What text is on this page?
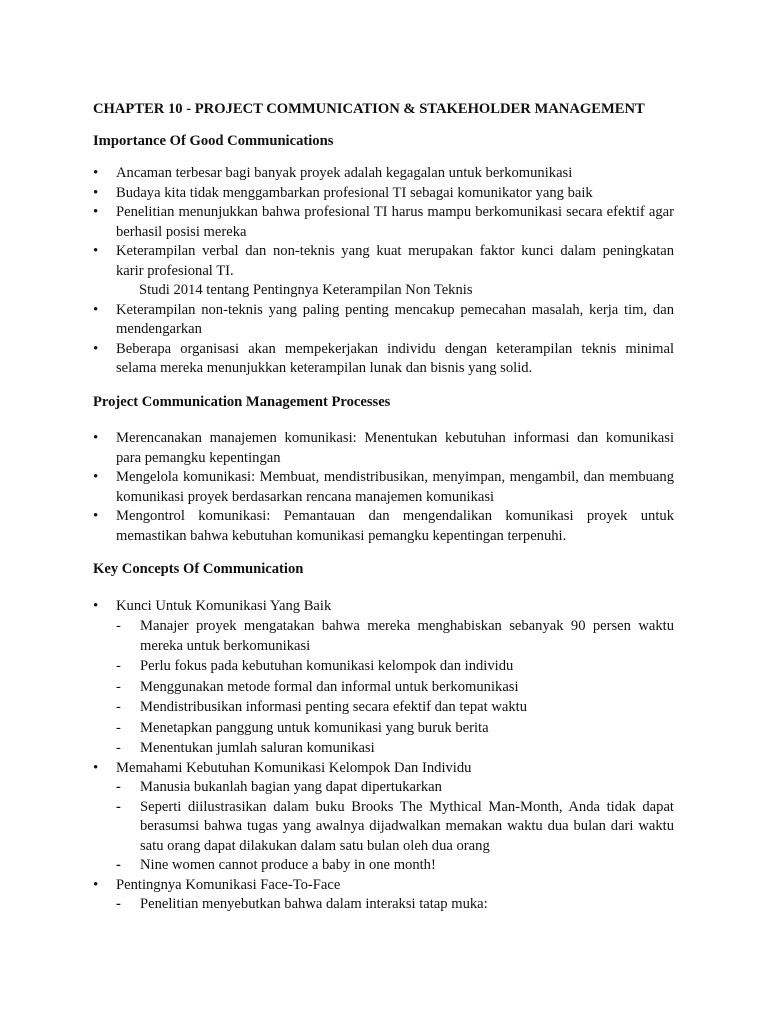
CHAPTER 10 - PROJECT COMMUNICATION & STAKEHOLDER MANAGEMENT
Importance Of Good Communications
• Ancaman terbesar bagi banyak proyek adalah kegagalan untuk berkomunikasi
• Budaya kita tidak menggambarkan profesional TI sebagai komunikator yang baik
• Penelitian menunjukkan bahwa profesional TI harus mampu berkomunikasi secara efektif agar berhasil posisi mereka
• Keterampilan verbal dan non-teknis yang kuat merupakan faktor kunci dalam peningkatan karir profesional TI.
Studi 2014 tentang Pentingnya Keterampilan Non Teknis
• Keterampilan non-teknis yang paling penting mencakup pemecahan masalah, kerja tim, dan mendengarkan
• Beberapa organisasi akan mempekerjakan individu dengan keterampilan teknis minimal selama mereka menunjukkan keterampilan lunak dan bisnis yang solid.
Project Communication Management Processes
• Merencanakan manajemen komunikasi: Menentukan kebutuhan informasi dan komunikasi para pemangku kepentingan
• Mengelola komunikasi: Membuat, mendistribusikan, menyimpan, mengambil, dan membuang komunikasi proyek berdasarkan rencana manajemen komunikasi
• Mengontrol komunikasi: Pemantauan dan mengendalikan komunikasi proyek untuk memastikan bahwa kebutuhan komunikasi pemangku kepentingan terpenuhi.
Key Concepts Of Communication
• Kunci Untuk Komunikasi Yang Baik
- Manajer proyek mengatakan bahwa mereka menghabiskan sebanyak 90 persen waktu mereka untuk berkomunikasi
- Perlu fokus pada kebutuhan komunikasi kelompok dan individu
- Menggunakan metode formal dan informal untuk berkomunikasi
- Mendistribusikan informasi penting secara efektif dan tepat waktu
- Menetapkan panggung untuk komunikasi yang buruk berita
- Menentukan jumlah saluran komunikasi
• Memahami Kebutuhan Komunikasi Kelompok Dan Individu
- Manusia bukanlah bagian yang dapat dipertukarkan
- Seperti diilustrasikan dalam buku Brooks The Mythical Man-Month, Anda tidak dapat berasumsi bahwa tugas yang awalnya dijadwalkan memakan waktu dua bulan dari waktu satu orang dapat dilakukan dalam satu bulan oleh dua orang
- Nine women cannot produce a baby in one month!
• Pentingnya Komunikasi Face-To-Face
- Penelitian menyebutkan bahwa dalam interaksi tatap muka:
